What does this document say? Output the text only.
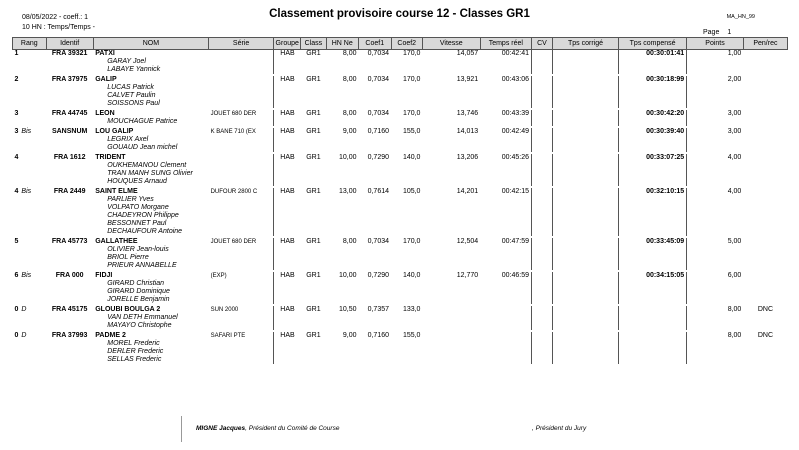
08/05/2022 - coeff.: 1
10 HN : Temps/Temps -
Classement provisoire course 12 - Classes GR1	MA_HN_99
Page 1
Rang	Identif	NOM	Série	Groupe	Class	HN Ne	Coef1	Coef2	Vitesse	Temps réel	CV	Tps corrigé	Tps compensé	Points	Pen/rec
1	FRA 39321	PATXI		HAB	GR1	8,00	0,7034	170,0	14,057	00:42:41			00:30:01:41	1,00	
		GARAY Joel													
		LABAYE Yannick													

2	FRA 37975	GALIP		HAB	GR1	8,00	0,7034	170,0	13,921	00:43:06			00:30:18:99	2,00	
		LUCAS Patrick													
		CALVET Paulin													
		SOISSONS Paul													

3	FRA 44745	LEON	JOUET 680 DER	HAB	GR1	8,00	0,7034	170,0	13,746	00:43:39			00:30:42:20	3,00	
		MOUCHAGUE Patrice													

3 Bis	SANSNUM	LOU GALIP	K BANE 710 (EX	HAB	GR1	9,00	0,7160	155,0	14,013	00:42:49			00:30:39:40	3,00	
		LEGRIX Axel													
		GOUAUD Jean michel													

4	FRA 1612	TRIDENT		HAB	GR1	10,00	0,7290	140,0	13,206	00:45:26			00:33:07:25	4,00	
		OUKHEMANOU Clement													
		TRAN MANH SUNG Olivier													
		HOUQUES Arnaud													

4 Bis	FRA 2449	SAINT ELME	DUFOUR 2800 C	HAB	GR1	13,00	0,7614	105,0	14,201	00:42:15			00:32:10:15	4,00	
		PARLIER Yves													
		VOLPATO Morgane													
		CHADEYRON Philippe													
		BESSONNET Paul													
		DECHAUFOUR Antoine													

5	FRA 45773	GALLATHEE	JOUET 680 DER	HAB	GR1	8,00	0,7034	170,0	12,504	00:47:59			00:33:45:09	5,00	
		OLIVIER Jean-louis													
		BRIOL Pierre													
		PRIEUR ANNABELLE													

6 Bis	FRA 000	FIDJI	(EXP)	HAB	GR1	10,00	0,7290	140,0	12,770	00:46:59			00:34:15:05	6,00	
		GIRARD Christian													
		GIRARD Dominique													
		JORELLE Benjamin													

0 D	FRA 45175	GLOUBI BOULGA 2	SUN 2000	HAB	GR1	10,50	0,7357	133,0						8,00	DNC
		VAN DETH Emmanuel													
		MAYAYO Christophe													

0 D	FRA 37993	PADME 2	SAFARI PTE	HAB	GR1	9,00	0,7160	155,0						8,00	DNC
		MOREL Frederic													
		DERLER Frederic													
		SELLAS Frederic													

MIGNE Jacques, Président du Comité de Course	, Président du Jury
